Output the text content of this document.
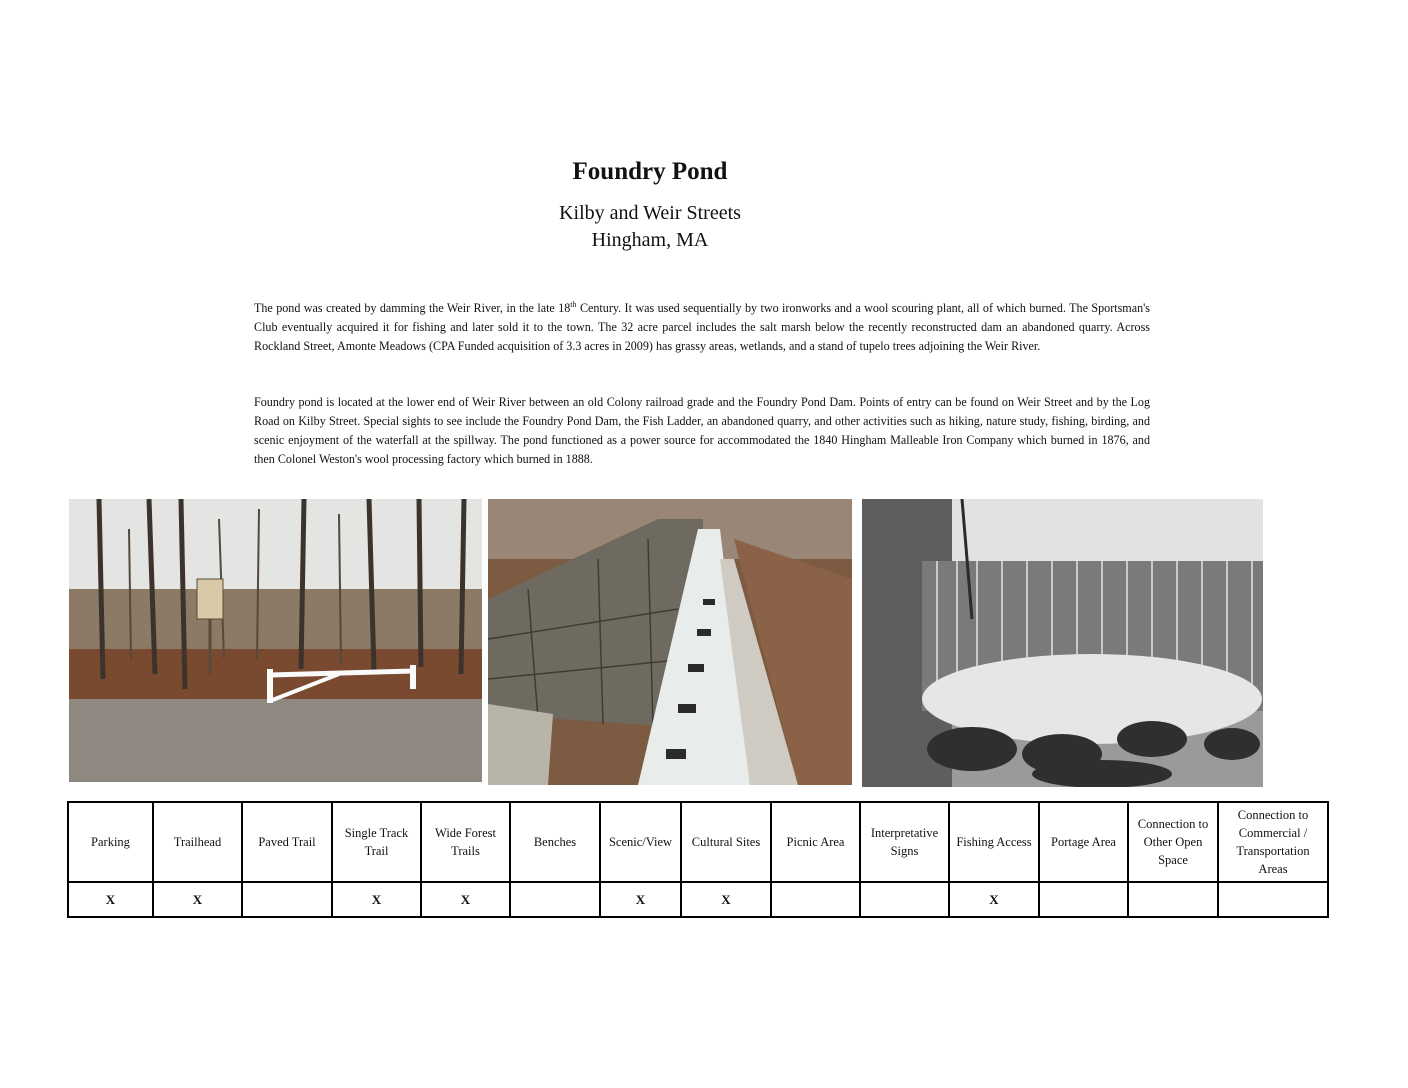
Foundry Pond
Kilby and Weir Streets
Hingham, MA

The pond was created by damming the Weir River, in the late 18th Century. It was used sequentially by two ironworks and a wool scouring plant, all of which burned. The Sportsman's Club eventually acquired it for fishing and later sold it to the town. The 32 acre parcel includes the salt marsh below the recently reconstructed dam an abandoned quarry. Across Rockland Street, Amonte Meadows (CPA Funded acquisition of 3.3 acres in 2009) has grassy areas, wetlands, and a stand of tupelo trees adjoining the Weir River.

Foundry pond is located at the lower end of Weir River between an old Colony railroad grade and the Foundry Pond Dam. Points of entry can be found on Weir Street and by the Log Road on Kilby Street. Special sights to see include the Foundry Pond Dam, the Fish Ladder, an abandoned quarry, and other activities such as hiking, nature study, fishing, birding, and scenic enjoyment of the waterfall at the spillway. The pond functioned as a power source for accommodated the 1840 Hingham Malleable Iron Company which burned in 1876, and then Colonel Weston's wool processing factory which burned in 1888.

Parking	Trailhead	Paved Trail	Single Track Trail	Wide Forest Trails	Benches	Scenic/View	Cultural Sites	Picnic Area	Interpretative Signs	Fishing Access	Portage Area	Connection to Other Open Space	Connection to Commercial / Transportation Areas
X	X		X	X		X	X			X			
